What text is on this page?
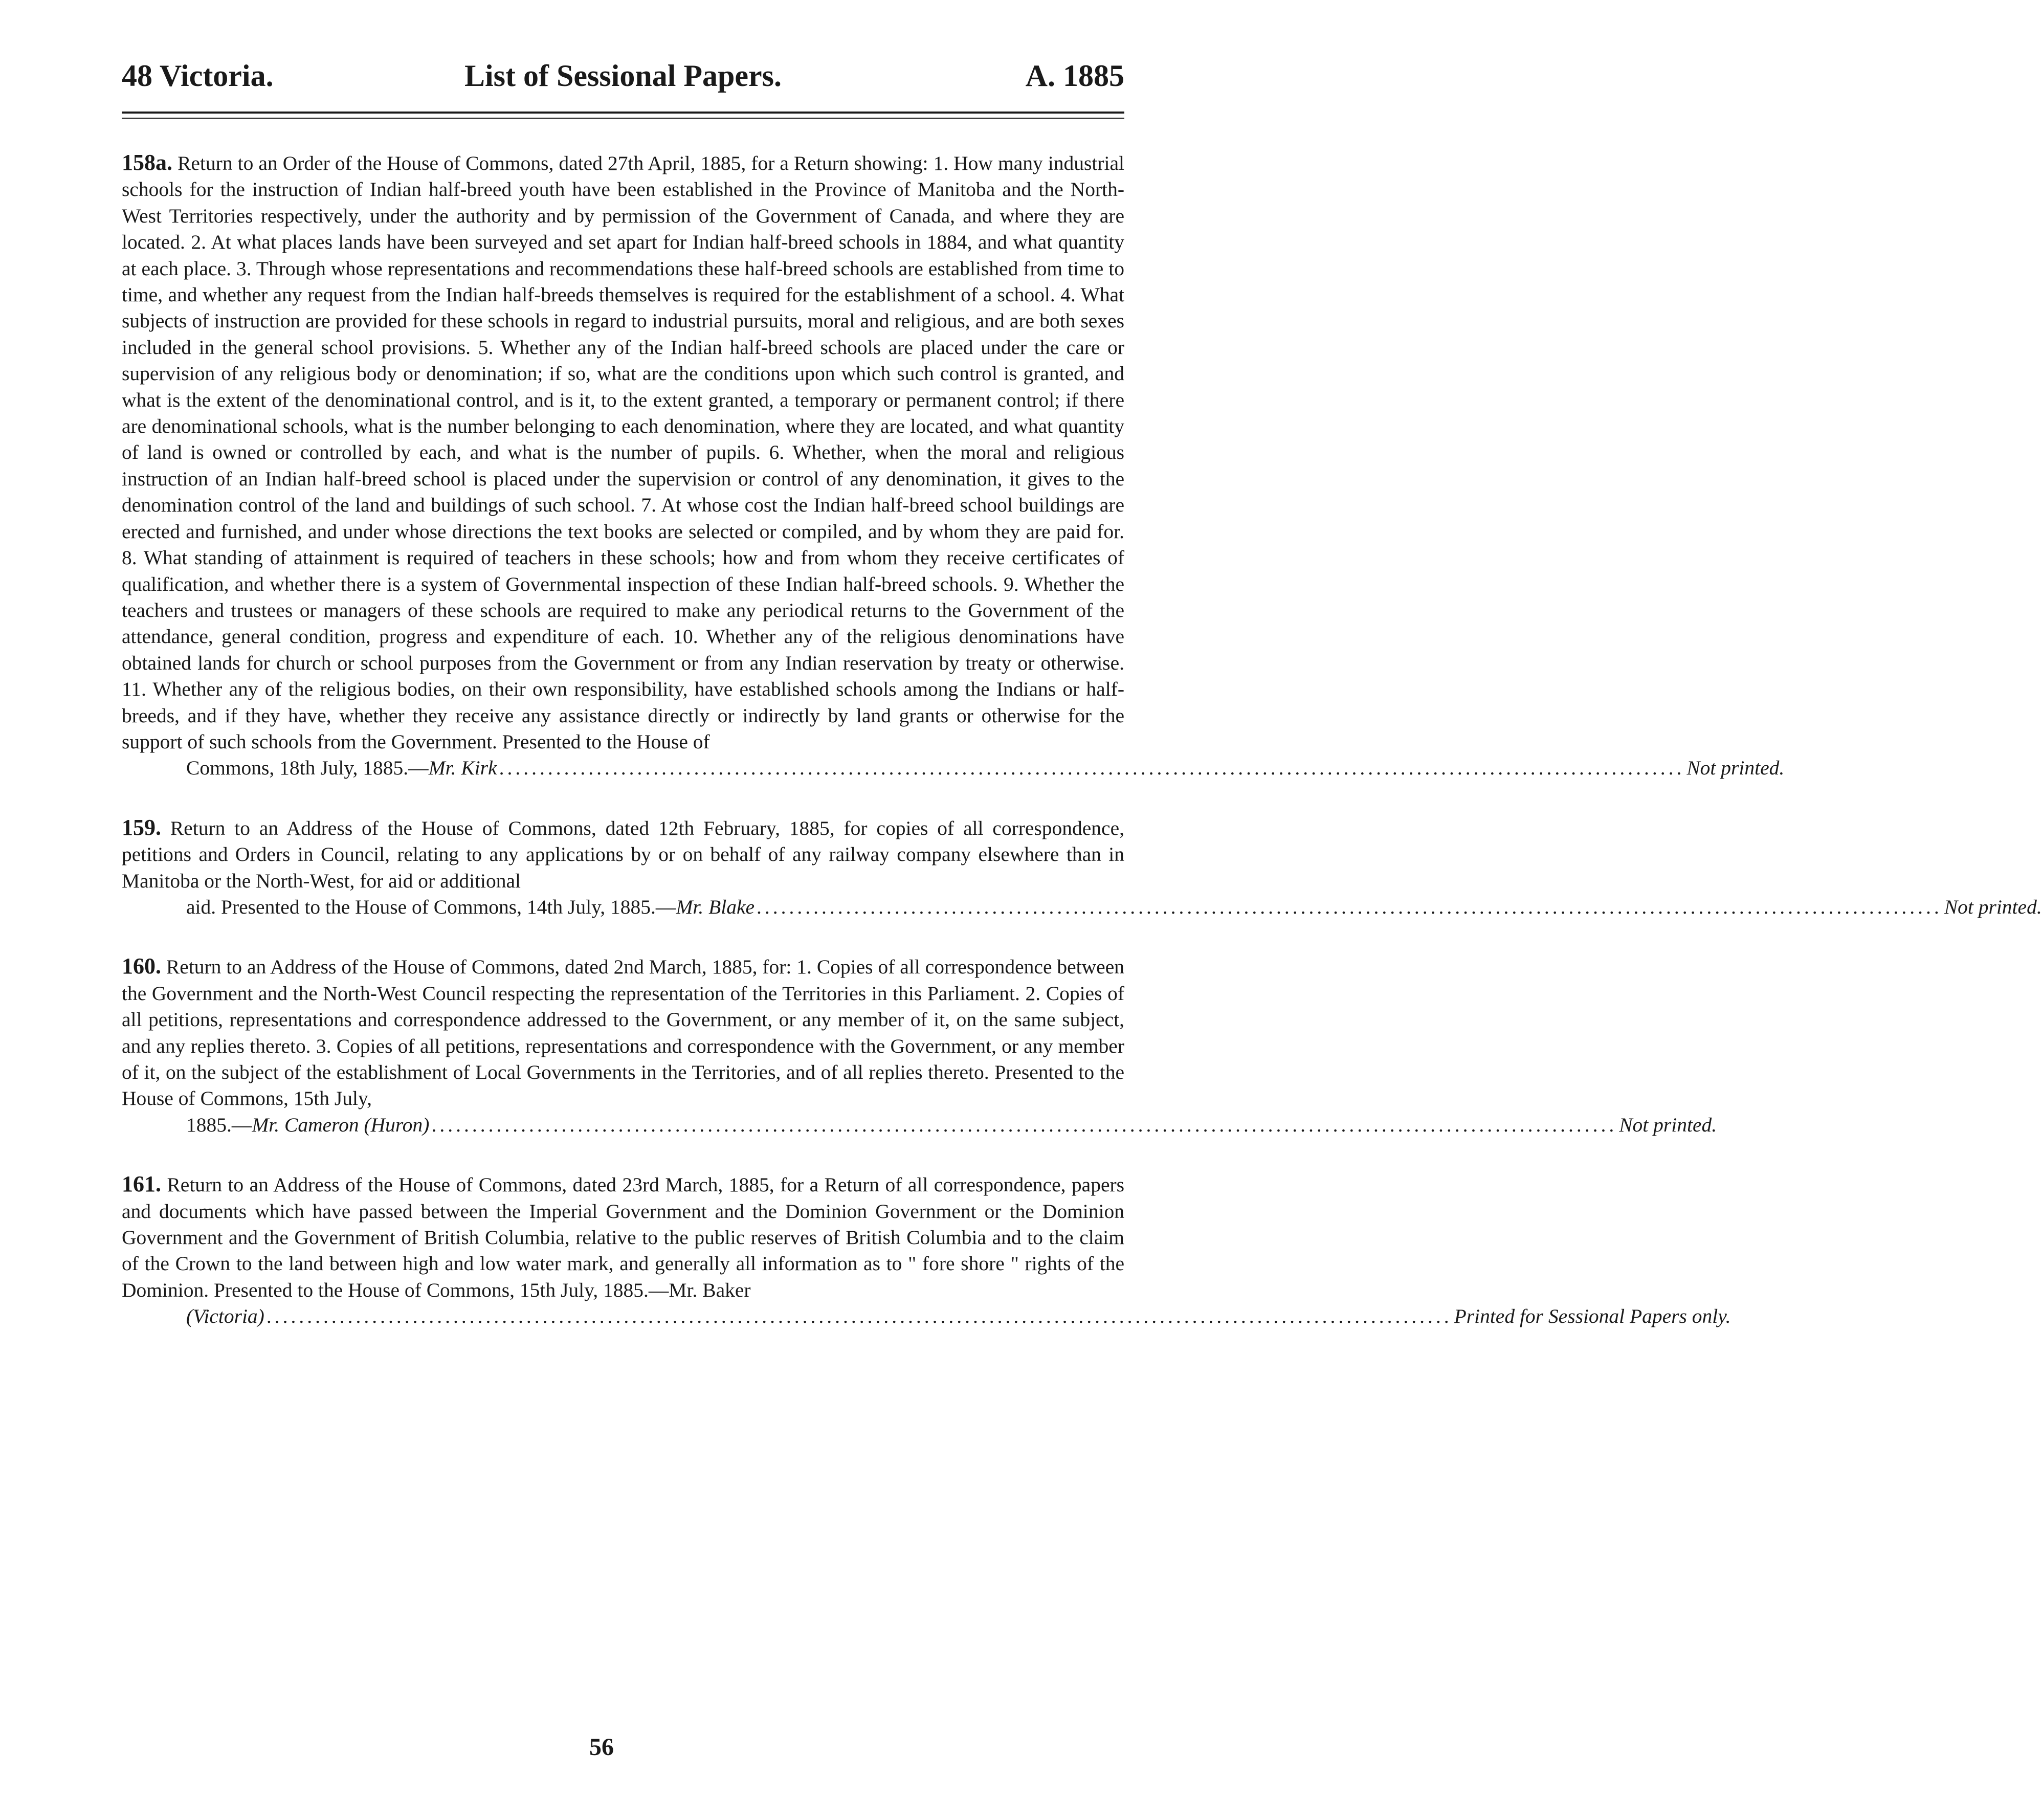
48 Victoria.	List of Sessional Papers.	A. 1885
158a. Return to an Order of the House of Commons, dated 27th April, 1885, for a Return showing: 1. How many industrial schools for the instruction of Indian half-breed youth have been established in the Province of Manitoba and the North-West Territories respectively, under the authority and by permission of the Government of Canada, and where they are located. 2. At what places lands have been surveyed and set apart for Indian half-breed schools in 1884, and what quantity at each place. 3. Through whose representations and recommendations these half-breed schools are established from time to time, and whether any request from the Indian half-breeds themselves is required for the establishment of a school. 4. What subjects of instruction are provided for these schools in regard to industrial pursuits, moral and religious, and are both sexes included in the general school provisions. 5. Whether any of the Indian half-breed schools are placed under the care or supervision of any religious body or denomination; if so, what are the conditions upon which such control is granted, and what is the extent of the denominational control, and is it, to the extent granted, a temporary or permanent control; if there are denominational schools, what is the number belonging to each denomination, where they are located, and what quantity of land is owned or controlled by each, and what is the number of pupils. 6. Whether, when the moral and religious instruction of an Indian half-breed school is placed under the supervision or control of any denomination, it gives to the denomination control of the land and buildings of such school. 7. At whose cost the Indian half-breed school buildings are erected and furnished, and under whose directions the text books are selected or compiled, and by whom they are paid for. 8. What standing of attainment is required of teachers in these schools; how and from whom they receive certificates of qualification, and whether there is a system of Governmental inspection of these Indian half-breed schools. 9. Whether the teachers and trustees or managers of these schools are required to make any periodical returns to the Government of the attendance, general condition, progress and expenditure of each. 10. Whether any of the religious denominations have obtained lands for church or school purposes from the Government or from any Indian reservation by treaty or otherwise. 11. Whether any of the religious bodies, on their own responsibility, have established schools among the Indians or half-breeds, and if they have, whether they receive any assistance directly or indirectly by land grants or otherwise for the support of such schools from the Government. Presented to the House of
Commons, 18th July, 1885.— Mr. Kirk .................................................................................................................................................. Not printed.
159. Return to an Address of the House of Commons, dated 12th February, 1885, for copies of all correspondence, petitions and Orders in Council, relating to any applications by or on behalf of any railway company elsewhere than in Manitoba or the North-West, for aid or additional
aid. Presented to the House of Commons, 14th July, 1885.— Mr. Blake .................................................................................................................................................. Not printed.
160. Return to an Address of the House of Commons, dated 2nd March, 1885, for: 1. Copies of all correspondence between the Government and the North-West Council respecting the representation of the Territories in this Parliament. 2. Copies of all petitions, representations and correspondence addressed to the Government, or any member of it, on the same subject, and any replies thereto. 3. Copies of all petitions, representations and correspondence with the Government, or any member of it, on the subject of the establishment of Local Governments in the Territories, and of all replies thereto. Presented to the House of Commons, 15th July,
1885.— Mr. Cameron (Huron) .................................................................................................................................................. Not printed.
161. Return to an Address of the House of Commons, dated 23rd March, 1885, for a Return of all correspondence, papers and documents which have passed between the Imperial Government and the Dominion Government or the Dominion Government and the Government of British Columbia, relative to the public reserves of British Columbia and to the claim of the Crown to the land between high and low water mark, and generally all information as to " fore shore " rights of the Dominion. Presented to the House of Commons, 15th July, 1885.—Mr. Baker
(Victoria) .................................................................................................................................................. Printed for Sessional Papers only.
56
